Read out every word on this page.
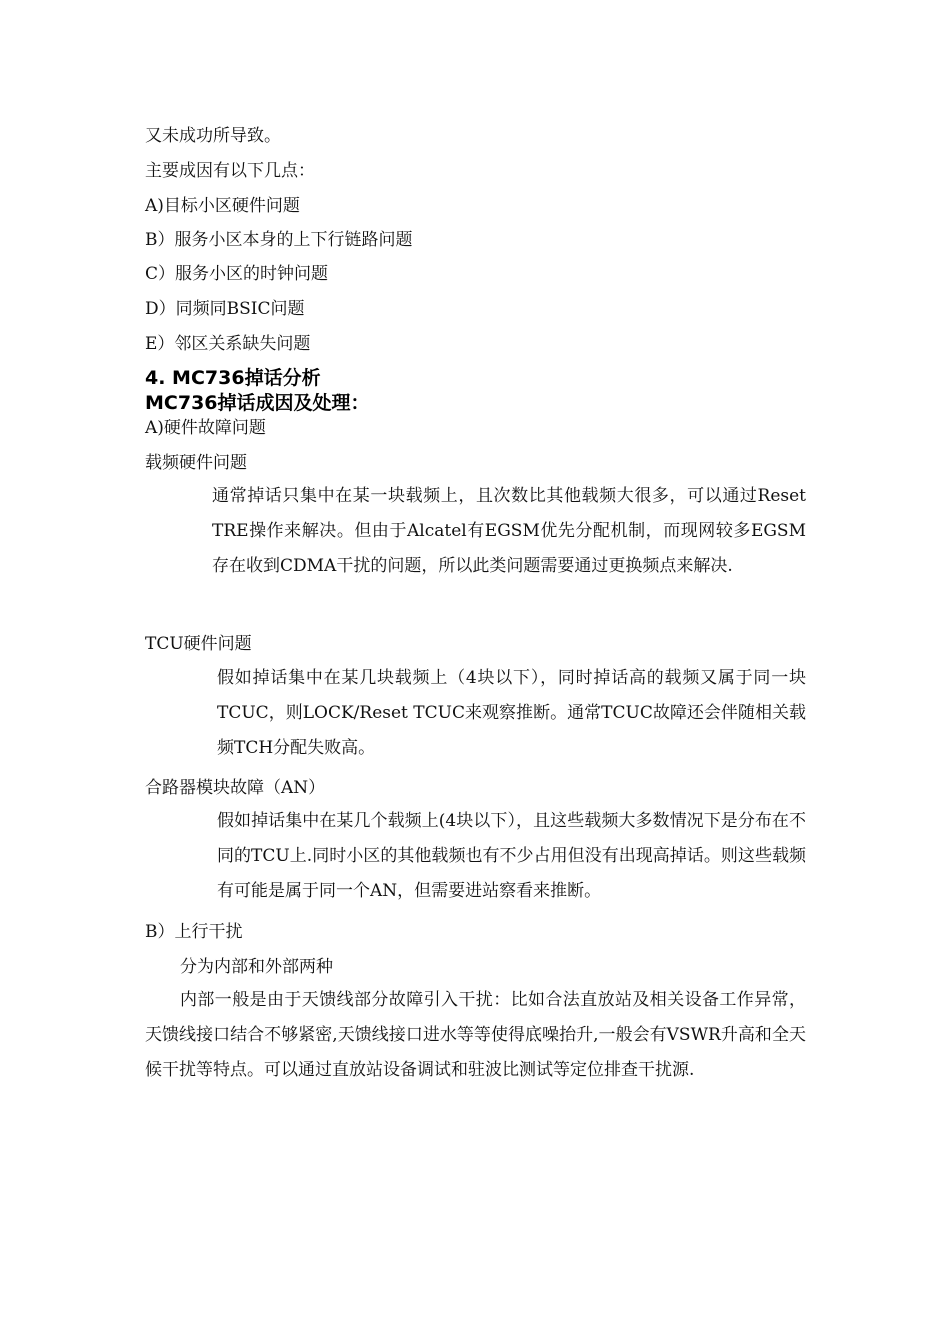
又未成功所导致。
主要成因有以下几点：
A)目标小区硬件问题
B）服务小区本身的上下行链路问题
C）服务小区的时钟问题
D）同频同BSIC问题
E）邻区关系缺失问题
4. MC736掉话分析
MC736掉话成因及处理：
A)硬件故障问题
载频硬件问题
通常掉话只集中在某一块载频上，且次数比其他载频大很多，可以通过Reset TRE操作来解决。但由于Alcatel有EGSM优先分配机制，而现网较多EGSM存在收到CDMA干扰的问题，所以此类问题需要通过更换频点来解决.
TCU硬件问题
假如掉话集中在某几块载频上（4块以下），同时掉话高的载频又属于同一块TCUC，则LOCK/Reset TCUC来观察推断。通常TCUC故障还会伴随相关载频TCH分配失败高。
合路器模块故障（AN）
假如掉话集中在某几个载频上(4块以下），且这些载频大多数情况下是分布在不同的TCU上.同时小区的其他载频也有不少占用但没有出现高掉话。则这些载频有可能是属于同一个AN，但需要进站察看来推断。
B）上行干扰
分为内部和外部两种
内部一般是由于天馈线部分故障引入干扰：比如合法直放站及相关设备工作异常，天馈线接口结合不够紧密,天馈线接口进水等等使得底噪抬升,一般会有VSWR升高和全天候干扰等特点。可以通过直放站设备调试和驻波比测试等定位排查干扰源.
